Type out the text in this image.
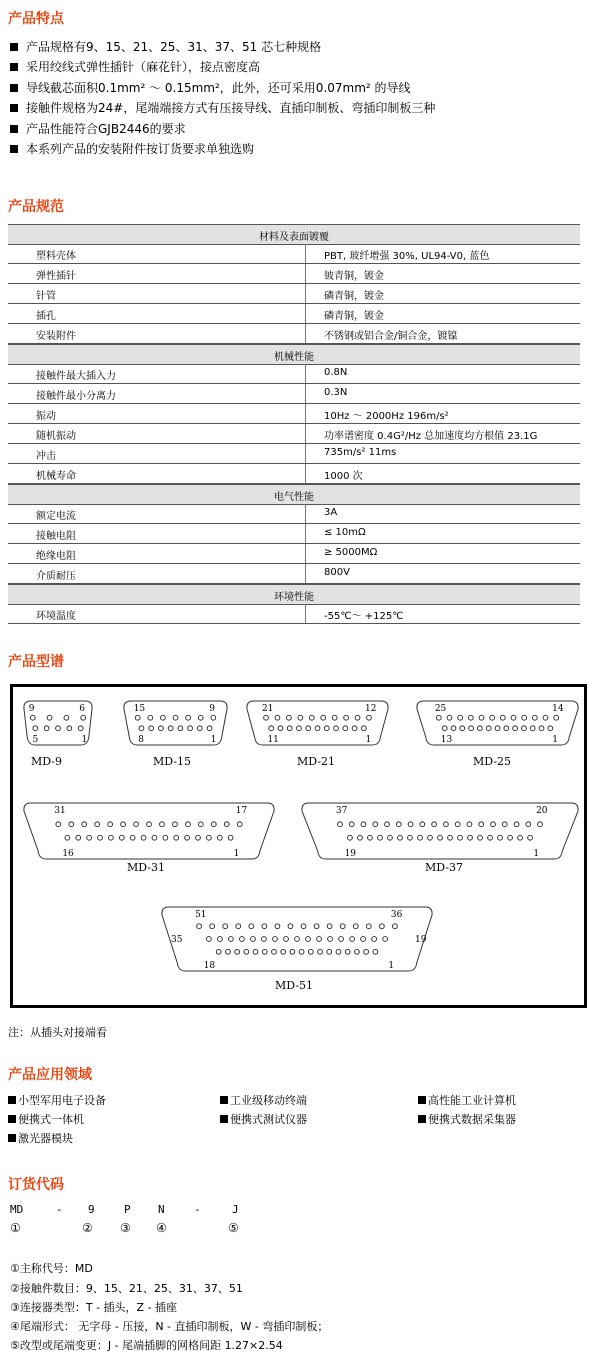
产品特点
产品规格有9、15、21、25、31、37、51 芯七种规格
采用绞线式弹性插针（麻花针），接点密度高
导线截芯面积0.1mm² ～ 0.15mm²，此外，还可采用0.07mm² 的导线
接触件规格为24#，尾端端接方式有压接导线、直插印制板、弯插印制板三种
产品性能符合GJB2446的要求
本系列产品的安装附件按订货要求单独选购
产品规范
材料及表面镀覆
塑料壳体	PBT, 玻纤增强 30%, UL94-V0, 蓝色
弹性插针	铍青铜，镀金
针管	磷青铜，镀金
插孔	磷青铜，镀金
安装附件	不锈钢或铝合金/铜合金，镀镍
机械性能
接触件最大插入力	0.8N
接触件最小分离力	0.3N
振动	10Hz ～ 2000Hz 196m/s²
随机振动	功率谱密度 0.4G²/Hz 总加速度均方根值 23.1G
冲击	735m/s² 11ms
机械寿命	1000 次
电气性能
额定电流	3A
接触电阻	≤ 10mΩ
绝缘电阻	≥ 5000MΩ
介质耐压	800V
环境性能
环境温度	-55℃～ +125℃
产品型谱
9	6
5	1
15	9
8	1
21	12
11	1
25	14
13	1
31	17
16	1
37	20
19	1
51	36
18	1
35	19
MD-9	MD-15	MD-21	MD-25
MD-31	MD-37
MD-51
注：从插头对接端看
产品应用领域
小型军用电子设备	工业级移动终端	高性能工业计算机
便携式一体机	便携式测试仪器	便携式数据采集器
激光器模块
订货代码
MD	- 9	P N	-	J
①	② ③ ④	⑤
①主称代号：MD
②接触件数目：9、15、21、25、31、37、51
③连接器类型：T - 插头，Z - 插座
④尾端形式： 无字母 - 压接，N - 直插印制板，W - 弯插印制板；
⑤改型或尾端变更：J - 尾端插脚的网格间距 1.27×2.54
